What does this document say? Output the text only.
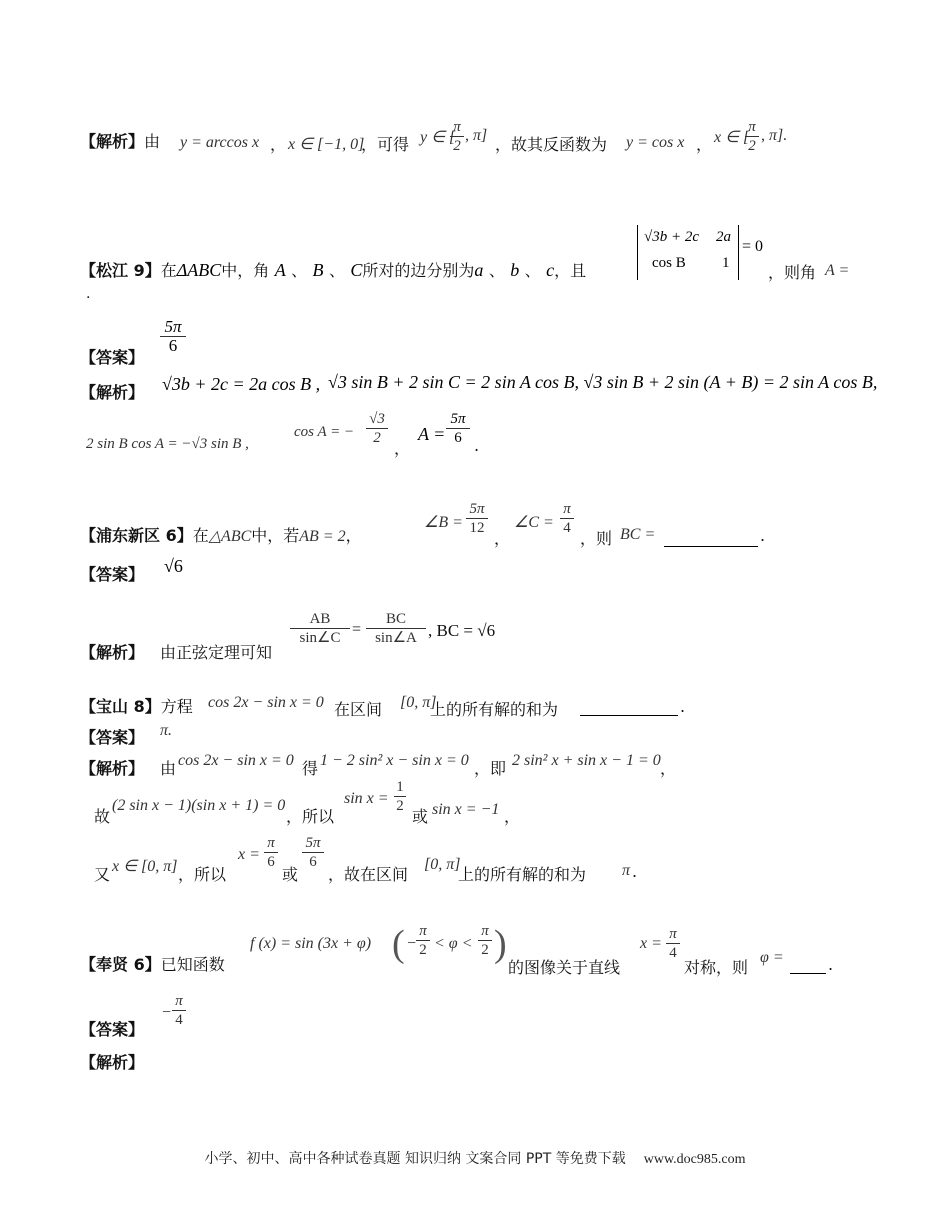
【解析】由 y = arccos x ， x ∈ [−1, 0]
，可得 y ∈ [
$\frac{\pi}{2}$ , π] ，故其反函数为 y = cos x ， x ∈ [
$\frac{\pi}{2}$ , π].
【松江 9】在ΔABC中，角 A 、 B 、 C所对的边分别为a 、 b 、 c，且
√3b + 2c 2a
cos B 1
= 0
，则角 A =
.
【答案】
$\frac{5\pi}{6}$
【解析】 √3b + 2c = 2a cos B , √3 sin B + 2 sin C = 2 sin A cos B, √3 sin B + 2 sin (A + B) = 2 sin A cos B,
2 sin B cos A = −√3 sin B ,
cos A = − $\frac{√3}{2}$
，
$A = \frac{5\pi}{6}$ .
【浦东新区 6】在△ABC中，若AB = 2，
∠B = $\frac{5\pi}{12}$
，
∠C = $\frac{\pi}{4}$
，则 BC =	.
【答案】 √6
【解析】 由正弦定理可知
$\frac{AB}{\sin\angle C} = \frac{BC}{\sin\angle A}$ , BC = √6
【宝山 8】方程 cos 2x − sin x = 0 在区间 [0, π]
上的所有解的和为	.
【答案】 π.
【解析】 由 cos 2x − sin x = 0 得 1 − 2 sin² x − sin x = 0 ，即 2 sin² x + sin x − 1 = 0 ，
故
(2 sin x − 1)(sin x + 1) = 0
，所以
$\sin x = \frac{1}{2}$
或 sin x = −1 ，
又 x ∈ [0, π] ，所以
$x = \frac{\pi}{6}$
或
$\frac{5\pi}{6}$
，故在区间
[0, π]
上的所有解的和为 π .
【奉贤 6】已知函数
f (x) = sin (3x + φ) ( − $\frac{\pi}{2} < \varphi < \frac{\pi}{2}$ )
的图像关于直线
$x = \frac{\pi}{4}$
对称，则
φ =	.
【答案】
− $\frac{\pi}{4}$
【解析】
小学、初中、高中各种试卷真题 知识归纳 文案合同 PPT 等免费下载 www.doc985.com
